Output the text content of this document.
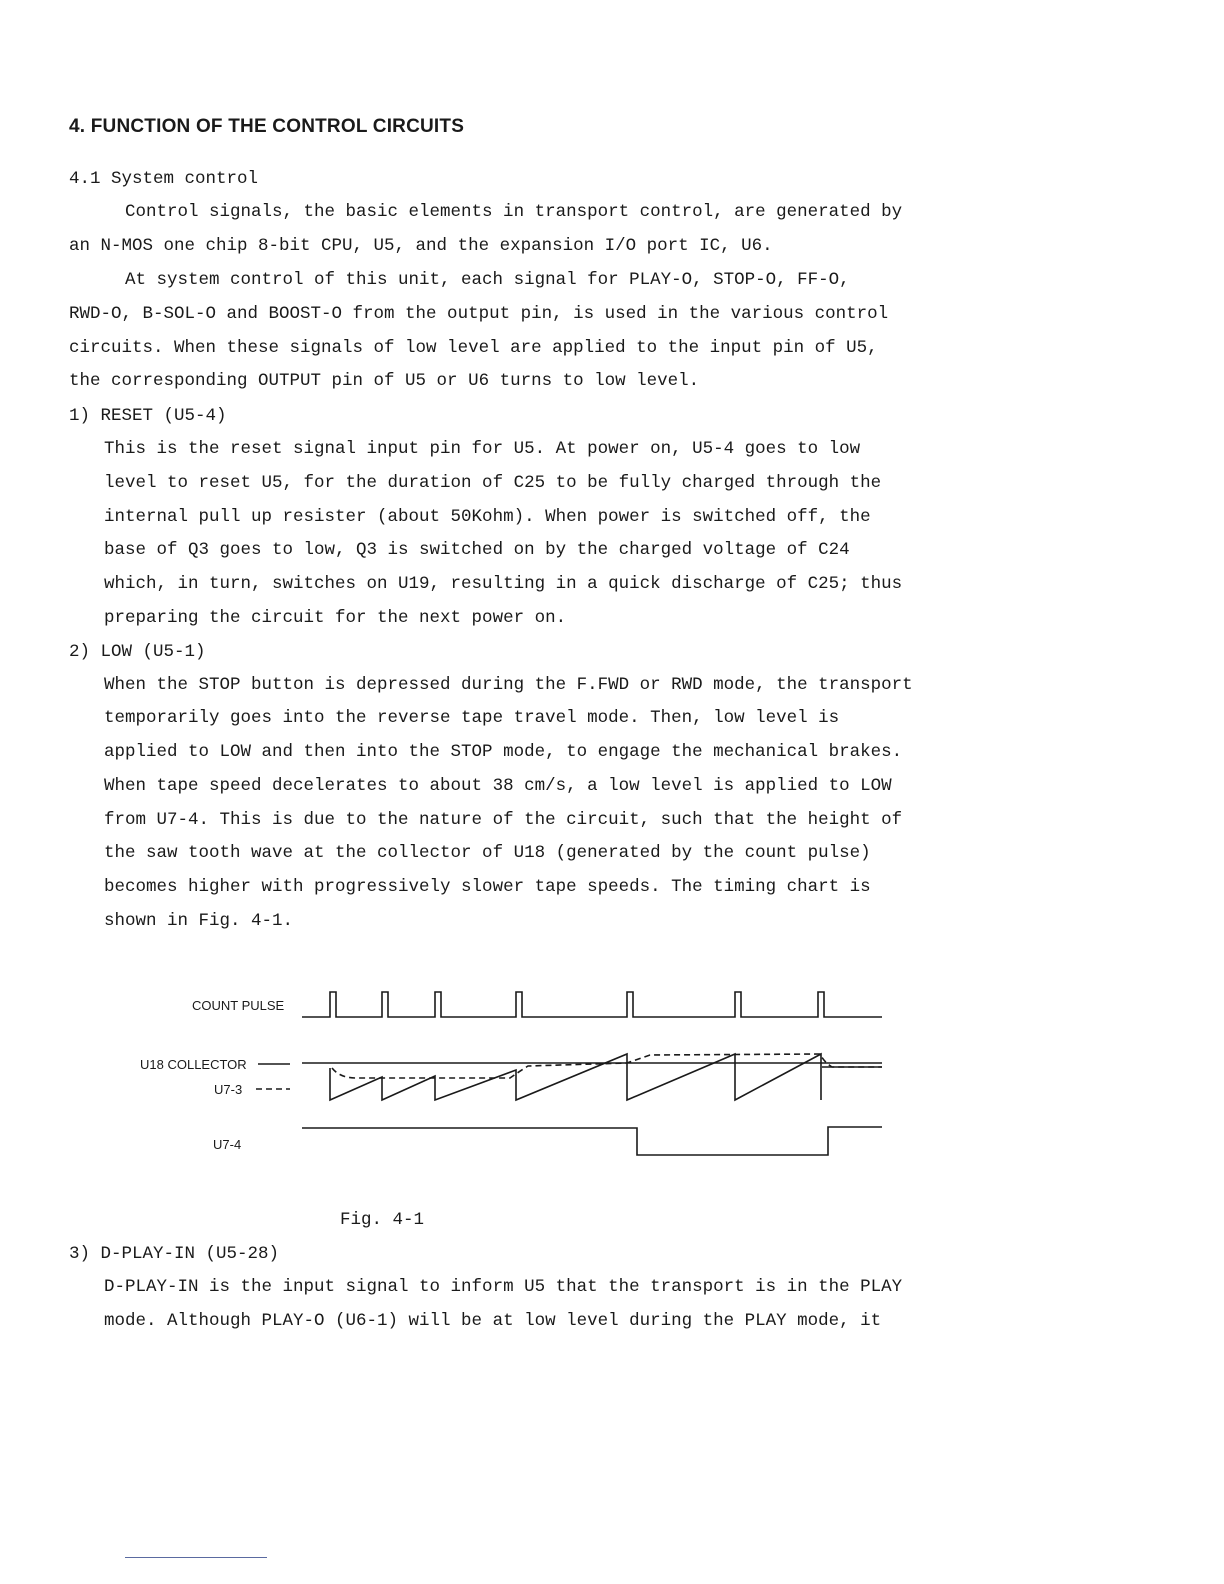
4. FUNCTION OF THE CONTROL CIRCUITS
4.1 System control
Control signals, the basic elements in transport control, are generated by
an N-MOS one chip 8-bit CPU, U5, and the expansion I/O port IC, U6.
At system control of this unit, each signal for PLAY-O, STOP-O, FF-O,
RWD-O, B-SOL-O and BOOST-O from the output pin, is used in the various control
circuits. When these signals of low level are applied to the input pin of U5,
the corresponding OUTPUT pin of U5 or U6 turns to low level.
1) RESET (U5-4)
This is the reset signal input pin for U5. At power on, U5-4 goes to low
level to reset U5, for the duration of C25 to be fully charged through the
internal pull up resister (about 50Kohm). When power is switched off, the
base of Q3 goes to low, Q3 is switched on by the charged voltage of C24
which, in turn, switches on U19, resulting in a quick discharge of C25; thus
preparing the circuit for the next power on.
2) LOW (U5-1)
When the STOP button is depressed during the F.FWD or RWD mode, the transport
temporarily goes into the reverse tape travel mode. Then, low level is
applied to LOW and then into the STOP mode, to engage the mechanical brakes.
When tape speed decelerates to about 38 cm/s, a low level is applied to LOW
from U7-4. This is due to the nature of the circuit, such that the height of
the saw tooth wave at the collector of U18 (generated by the count pulse)
becomes higher with progressively slower tape speeds. The timing chart is
shown in Fig. 4-1.
COUNT PULSE
U18 COLLECTOR
U7-3
U7-4
Fig. 4-1
3) D-PLAY-IN (U5-28)
D-PLAY-IN is the input signal to inform U5 that the transport is in the PLAY
mode. Although PLAY-O (U6-1) will be at low level during the PLAY mode, it
